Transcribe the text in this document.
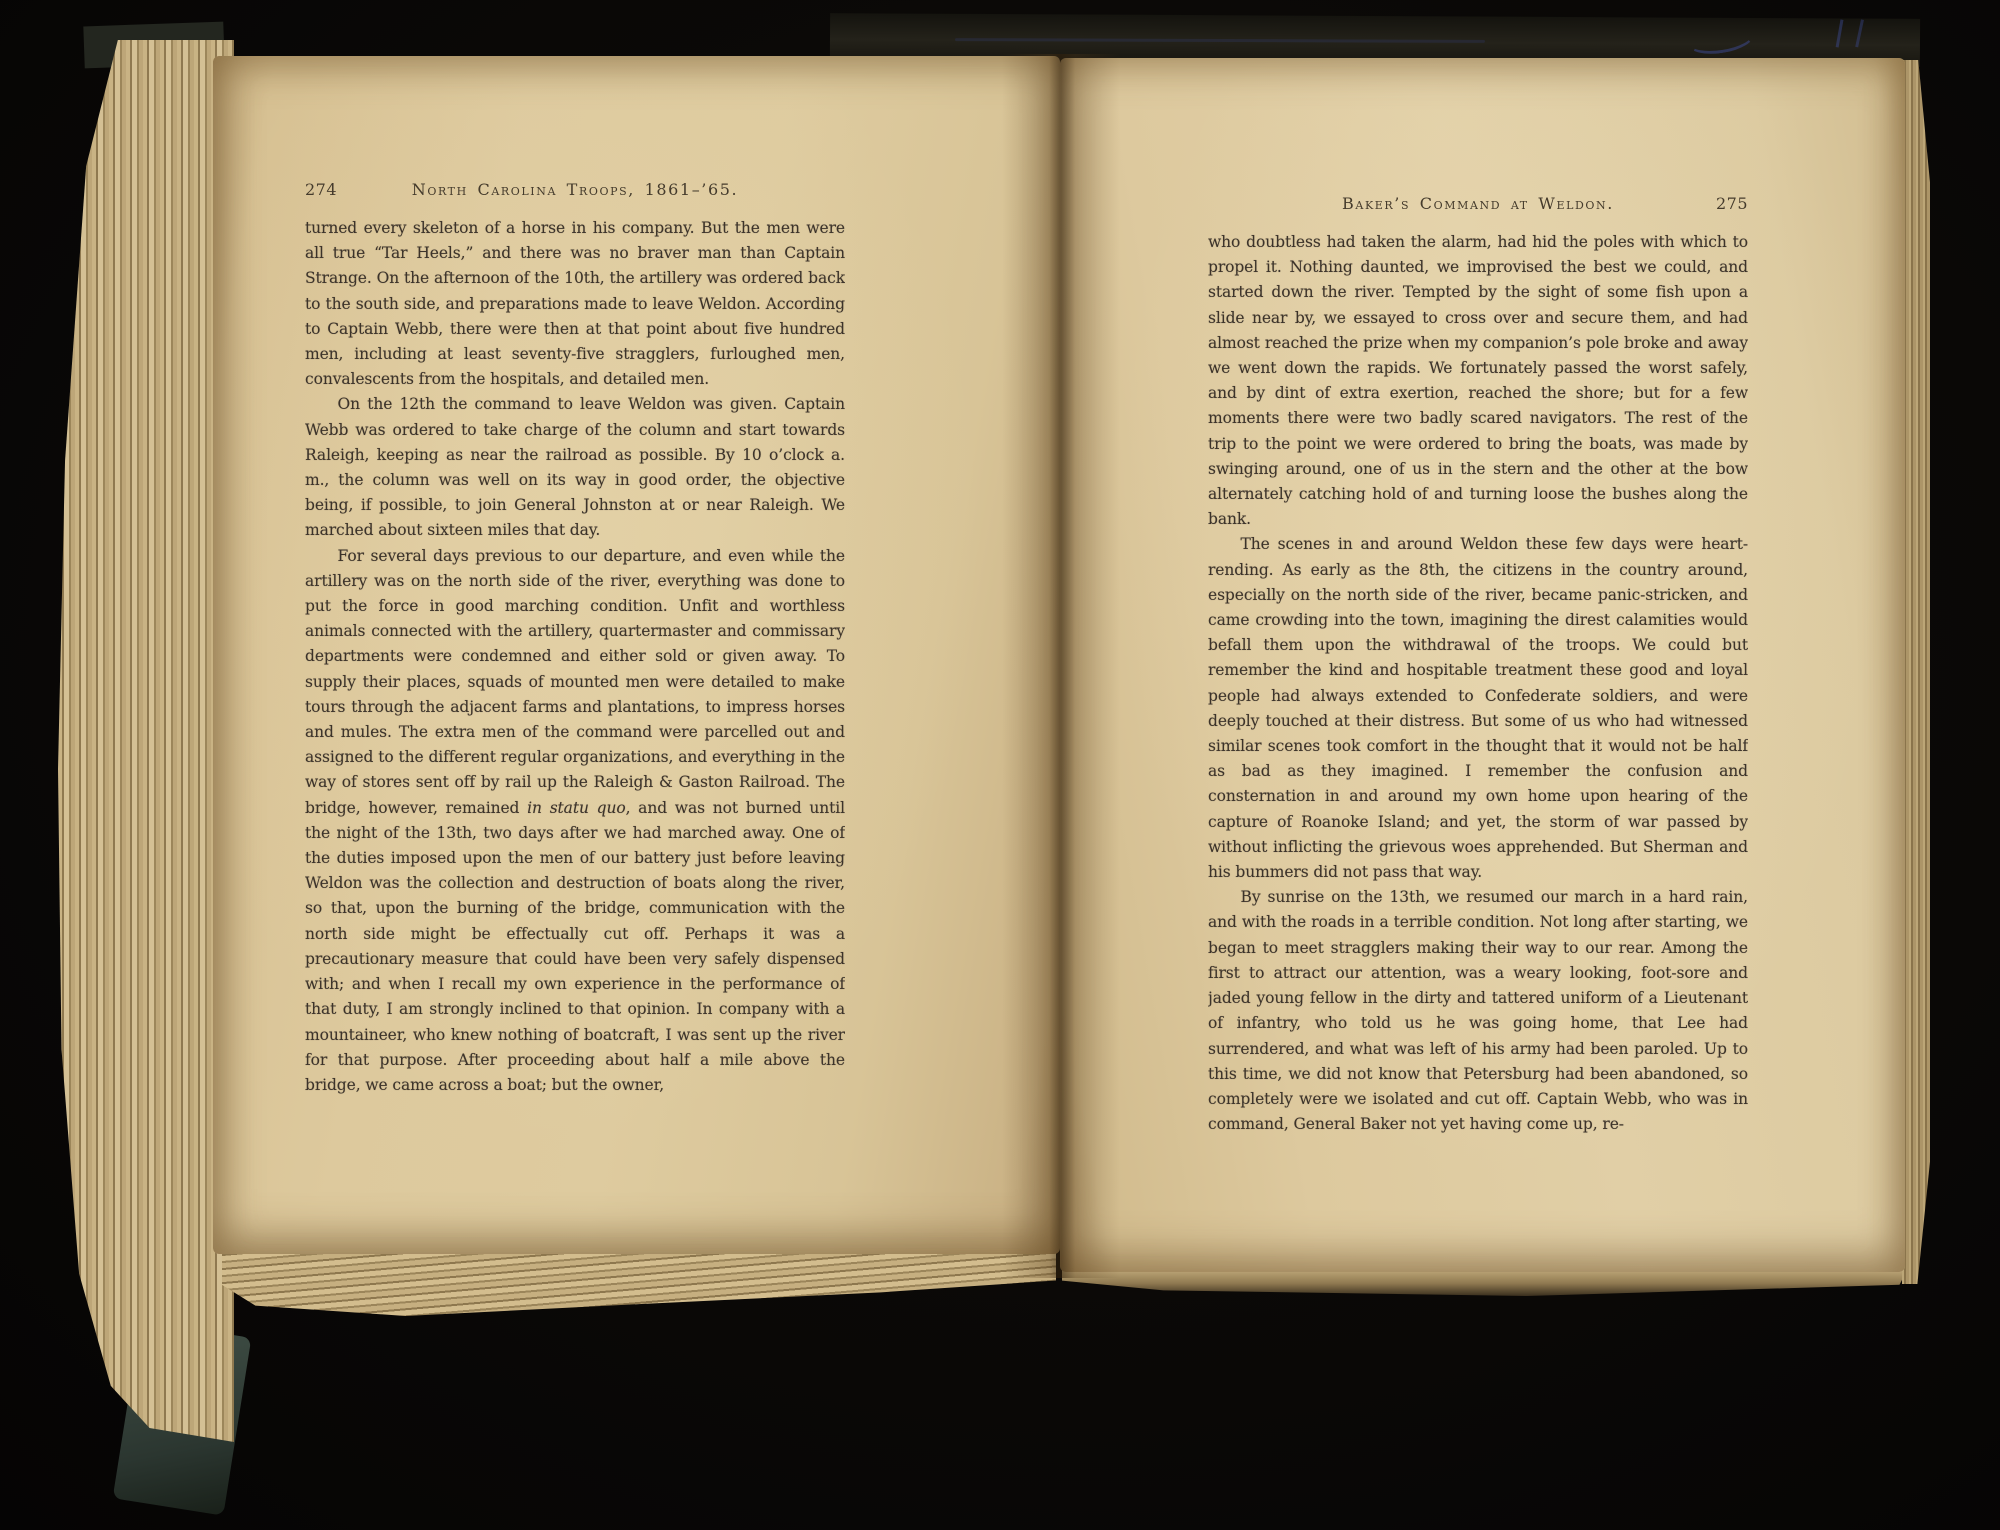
274	North Carolina Troops, 1861–’65.

turned every skeleton of a horse in his company. But the men were all true “Tar Heels,” and there was no braver man than Captain Strange. On the afternoon of the 10th, the artillery was ordered back to the south side, and preparations made to leave Weldon. According to Captain Webb, there were then at that point about five hundred men, including at least seventy-five stragglers, furloughed men, convalescents from the hospitals, and detailed men.

On the 12th the command to leave Weldon was given. Captain Webb was ordered to take charge of the column and start towards Raleigh, keeping as near the railroad as possible. By 10 o’clock a. m., the column was well on its way in good order, the objective being, if possible, to join General Johnston at or near Raleigh. We marched about sixteen miles that day.

For several days previous to our departure, and even while the artillery was on the north side of the river, everything was done to put the force in good marching condition. Unfit and worthless animals connected with the artillery, quartermaster and commissary departments were condemned and either sold or given away. To supply their places, squads of mounted men were detailed to make tours through the adjacent farms and plantations, to impress horses and mules. The extra men of the command were parcelled out and assigned to the different regular organizations, and everything in the way of stores sent off by rail up the Raleigh & Gaston Railroad. The bridge, however, remained in statu quo, and was not burned until the night of the 13th, two days after we had marched away. One of the duties imposed upon the men of our battery just before leaving Weldon was the collection and destruction of boats along the river, so that, upon the burning of the bridge, communication with the north side might be effectually cut off. Perhaps it was a precautionary measure that could have been very safely dispensed with; and when I recall my own experience in the performance of that duty, I am strongly inclined to that opinion. In company with a mountaineer, who knew nothing of boatcraft, I was sent up the river for that purpose. After proceeding about half a mile above the bridge, we came across a boat; but the owner,

Baker’s Command at Weldon.	275

who doubtless had taken the alarm, had hid the poles with which to propel it. Nothing daunted, we improvised the best we could, and started down the river. Tempted by the sight of some fish upon a slide near by, we essayed to cross over and secure them, and had almost reached the prize when my companion’s pole broke and away we went down the rapids. We fortunately passed the worst safely, and by dint of extra exertion, reached the shore; but for a few moments there were two badly scared navigators. The rest of the trip to the point we were ordered to bring the boats, was made by swinging around, one of us in the stern and the other at the bow alternately catching hold of and turning loose the bushes along the bank.

The scenes in and around Weldon these few days were heart-rending. As early as the 8th, the citizens in the country around, especially on the north side of the river, became panic-stricken, and came crowding into the town, imagining the direst calamities would befall them upon the withdrawal of the troops. We could but remember the kind and hospitable treatment these good and loyal people had always extended to Confederate soldiers, and were deeply touched at their distress. But some of us who had witnessed similar scenes took comfort in the thought that it would not be half as bad as they imagined. I remember the confusion and consternation in and around my own home upon hearing of the capture of Roanoke Island; and yet, the storm of war passed by without inflicting the grievous woes apprehended. But Sherman and his bummers did not pass that way.

By sunrise on the 13th, we resumed our march in a hard rain, and with the roads in a terrible condition. Not long after starting, we began to meet stragglers making their way to our rear. Among the first to attract our attention, was a weary looking, foot-sore and jaded young fellow in the dirty and tattered uniform of a Lieutenant of infantry, who told us he was going home, that Lee had surrendered, and what was left of his army had been paroled. Up to this time, we did not know that Petersburg had been abandoned, so completely were we isolated and cut off. Captain Webb, who was in command, General Baker not yet having come up, re-
